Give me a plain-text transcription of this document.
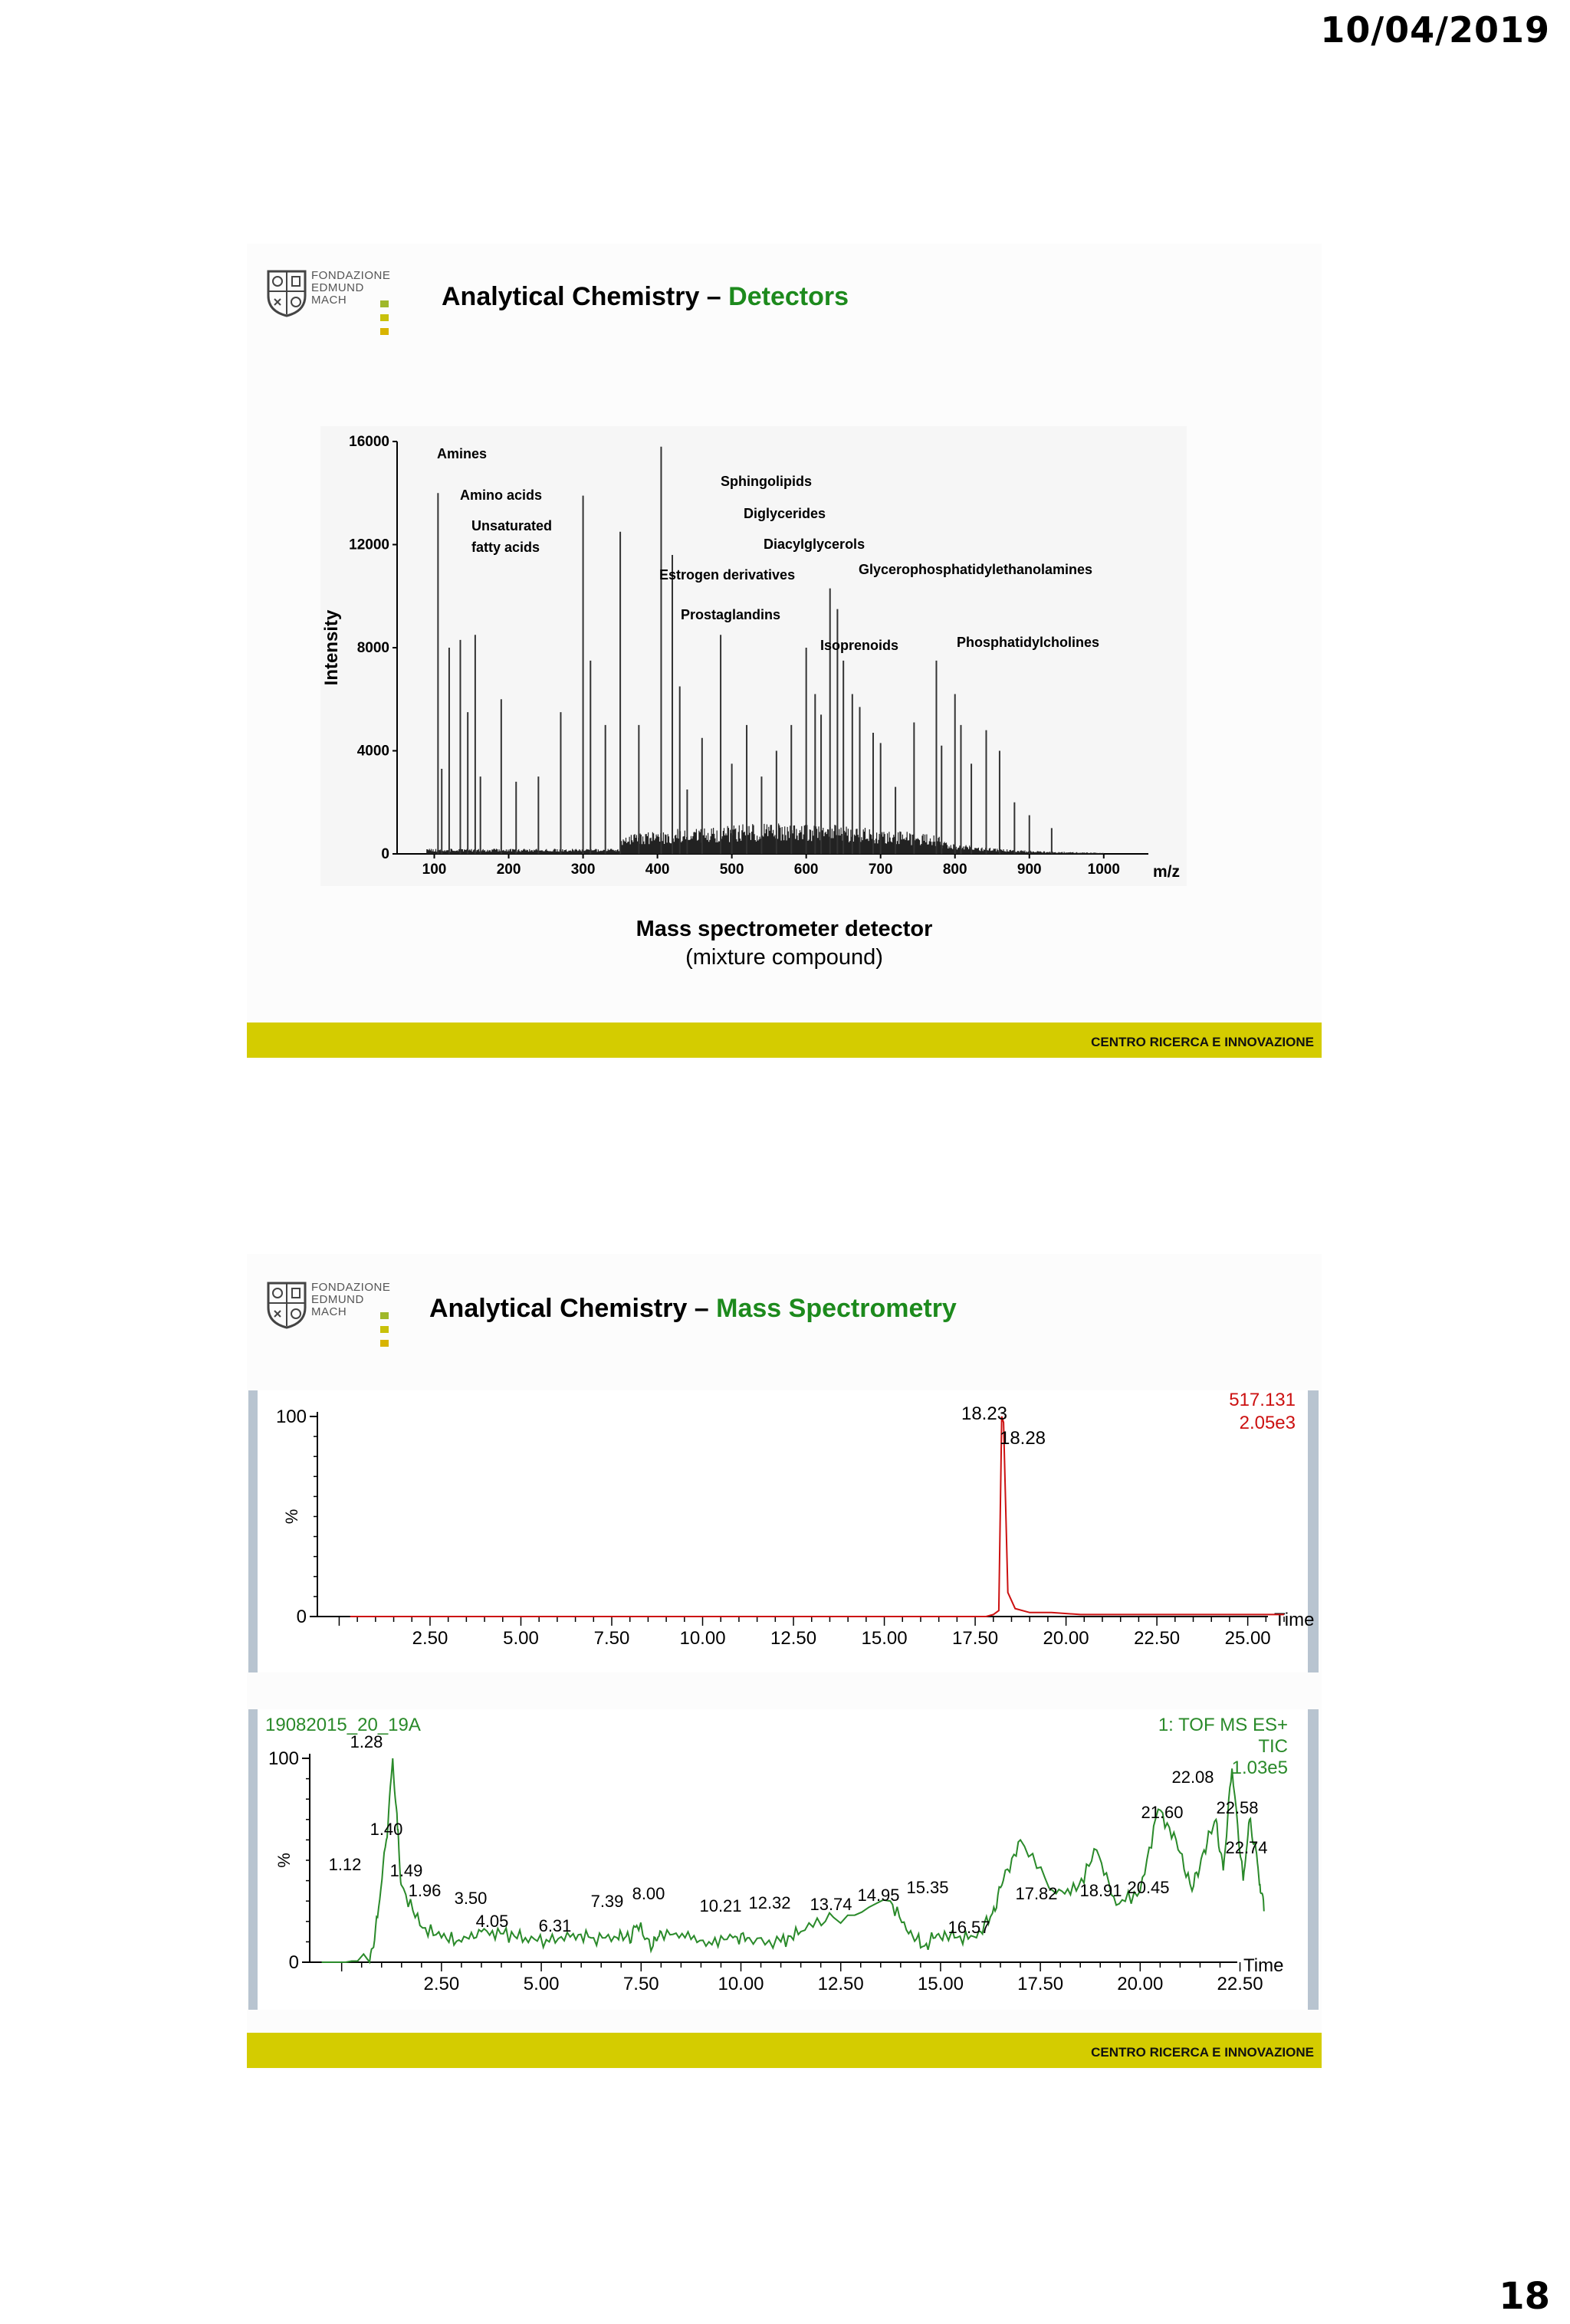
10/04/2019
18
FONDAZIONE
EDMUND
MACH	Analytical Chemistry – Detectors
0
4000
8000
12000
16000
100	200	300	400	500	600	700	800	900	1000 m/z
Intensity
Amines
Amino acids
Unsaturated
fatty acids
Sphingolipids
Diglycerides
Diacylglycerols
Estrogen derivatives	Glycerophosphatidylethanolamines
Prostaglandins
Isoprenoids	Phosphatidylcholines
Mass spectrometer detector
(mixture compound)
CENTRO RICERCA E INNOVAZIONE
FONDAZIONE
EDMUND
MACH	Analytical Chemistry – Mass Spectrometry
100
0
%
2.50	5.00	7.50	10.00 12.50 15.00 17.50 20.00 22.50 25.00
Time
18.23
18.28
517.131
2.05e3
100
0
%
2.50	5.00	7.50	10.00	12.50	15.00	17.50	20.00	22.50
Time
19082015_20_19A	1: TOF MS ES+
TIC
1.03e5
1.28
1.40
1.12 1.49
1.96 3.50
4.05 6.31
7.39 8.00
10.21 12.32 13.74 14.95 15.35
16.57
17.82 18.91 20.45
21.60
22.08
22.58
22.74
CENTRO RICERCA E INNOVAZIONE
